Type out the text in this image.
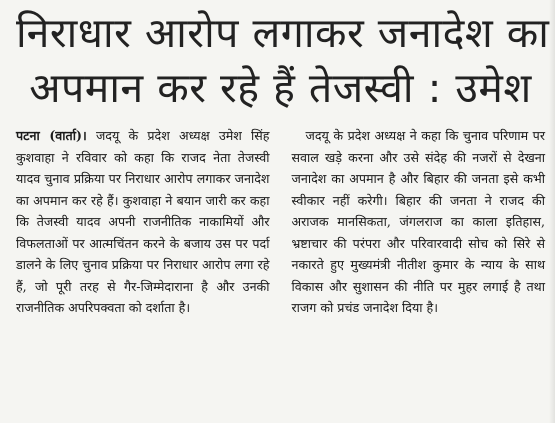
निराधार आरोप लगाकर जनादेश का
अपमान कर रहे हैं तेजस्वी : उमेश

पटना (वार्ता)। जदयू के प्रदेश अध्यक्ष उमेश सिंह कुशवाहा ने रविवार को कहा कि राजद नेता तेजस्वी यादव चुनाव प्रक्रिया पर निराधार आरोप लगाकर जनादेश का अपमान कर रहे हैं। कुशवाहा ने बयान जारी कर कहा कि तेजस्वी यादव अपनी राजनीतिक नाकामियों और विफलताओं पर आत्मचिंतन करने के बजाय उस पर पर्दा डालने के लिए चुनाव प्रक्रिया पर निराधार आरोप लगा रहे हैं, जो पूरी तरह से गैर-जिम्मेदाराना है और उनकी राजनीतिक अपरिपक्वता को दर्शाता है।

जदयू के प्रदेश अध्यक्ष ने कहा कि चुनाव परिणाम पर सवाल खड़े करना और उसे संदेह की नजरों से देखना जनादेश का अपमान है और बिहार की जनता इसे कभी स्वीकार नहीं करेगी। बिहार की जनता ने राजद की अराजक मानसिकता, जंगलराज का काला इतिहास, भ्रष्टाचार की परंपरा और परिवारवादी सोच को सिरे से नकारते हुए मुख्यमंत्री नीतीश कुमार के न्याय के साथ विकास और सुशासन की नीति पर मुहर लगाई है तथा राजग को प्रचंड जनादेश दिया है।
